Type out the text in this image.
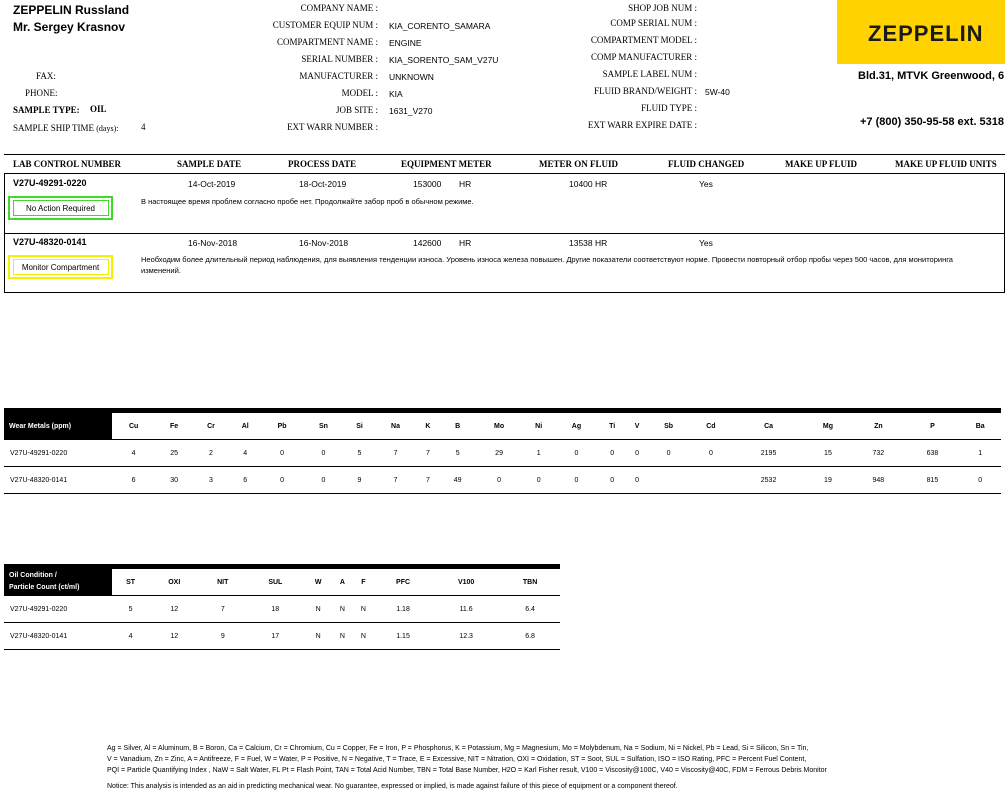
ZEPPELIN Russland
Mr. Sergey Krasnov
FAX:
PHONE:
SAMPLE TYPE: OIL
SAMPLE SHIP TIME (days):	4
COMPANY NAME :
CUSTOMER EQUIP NUM : KIA_CORENTO_SAMARA
COMPARTMENT NAME : ENGINE
SERIAL NUMBER : KIA_SORENTO_SAM_V27U
MANUFACTURER : UNKNOWN
MODEL : KIA
JOB SITE : 1631_V270
EXT WARR NUMBER :
SHOP JOB NUM :
COMP SERIAL NUM :
COMPARTMENT MODEL :
COMP MANUFACTURER :
SAMPLE LABEL NUM :
FLUID BRAND/WEIGHT : 5W-40
FLUID TYPE :
EXT WARR EXPIRE DATE :
ZEPPELIN
Bld.31, MTVK Greenwood, 6
+7 (800) 350-95-58 ext. 5318
LAB CONTROL NUMBER	SAMPLE DATE	PROCESS DATE	EQUIPMENT METER	METER ON FLUID	FLUID CHANGED	MAKE UP FLUID	MAKE UP FLUID UNITS
V27U-49291-0220	14-Oct-2019	18-Oct-2019	153000 HR	10400 HR	Yes
No Action Required
В настоящее время проблем согласно пробе нет. Продолжайте забор проб в обычном режиме.
V27U-48320-0141	16-Nov-2018	16-Nov-2018	142600 HR	13538 HR	Yes
Monitor Compartment
Необходим более длительный период наблюдения, для выявления тенденции износа. Уровень износа железа повышен. Другие показатели соответствуют норме. Провести повторный отбор пробы через 500 часов, для мониторинга изменений.
Wear Metals (ppm)	Cu	Fe	Cr	Al	Pb	Sn	Si	Na	K	B	Mo	Ni	Ag	Ti	V	Sb	Cd	Ca	Mg	Zn	P	Ba
V27U-49291-0220	4	25	2	4	0	0	5	7	7	5	29	1	0	0	0	0	0	2195	15	732	638	1
V27U-48320-0141	6	30	3	6	0	0	9	7	7	49	0	0	0	0	0			2532	19	948	815	0
Oil Condition /
Particle Count (ct/ml)	ST	OXI	NIT	SUL	W	A	F	PFC	V100	TBN
V27U-49291-0220	5	12	7	18	N	N	N	1.18	11.6	6.4
V27U-48320-0141	4	12	9	17	N	N	N	1.15	12.3	6.8
Ag = Silver, Al = Aluminum, B = Boron, Ca = Calcium, Cr = Chromium, Cu = Copper, Fe = Iron, P = Phosphorus, K = Potassium, Mg = Magnesium, Mo = Molybdenum, Na = Sodium, Ni = Nickel, Pb = Lead, Si = Silicon, Sn = Tin,
V = Vanadium, Zn = Zinc, A = Antifreeze, F = Fuel, W = Water, P = Positive, N = Negative, T = Trace, E = Excessive, NIT = Nitration, OXI = Oxidation, ST = Soot, SUL = Sulfation, ISO = ISO Rating, PFC = Percent Fuel Content,
PQI = Particle Quantifying Index , NaW = Salt Water, FL Pt = Flash Point, TAN = Total Acid Number, TBN = Total Base Number, H2O = Karl Fisher result, V100 = Viscosity@100C, V40 = Viscosity@40C, FDM = Ferrous Debris Monitor
Notice: This analysis is intended as an aid in predicting mechanical wear. No guarantee, expressed or implied, is made against failure of this piece of equipment or a component thereof.
